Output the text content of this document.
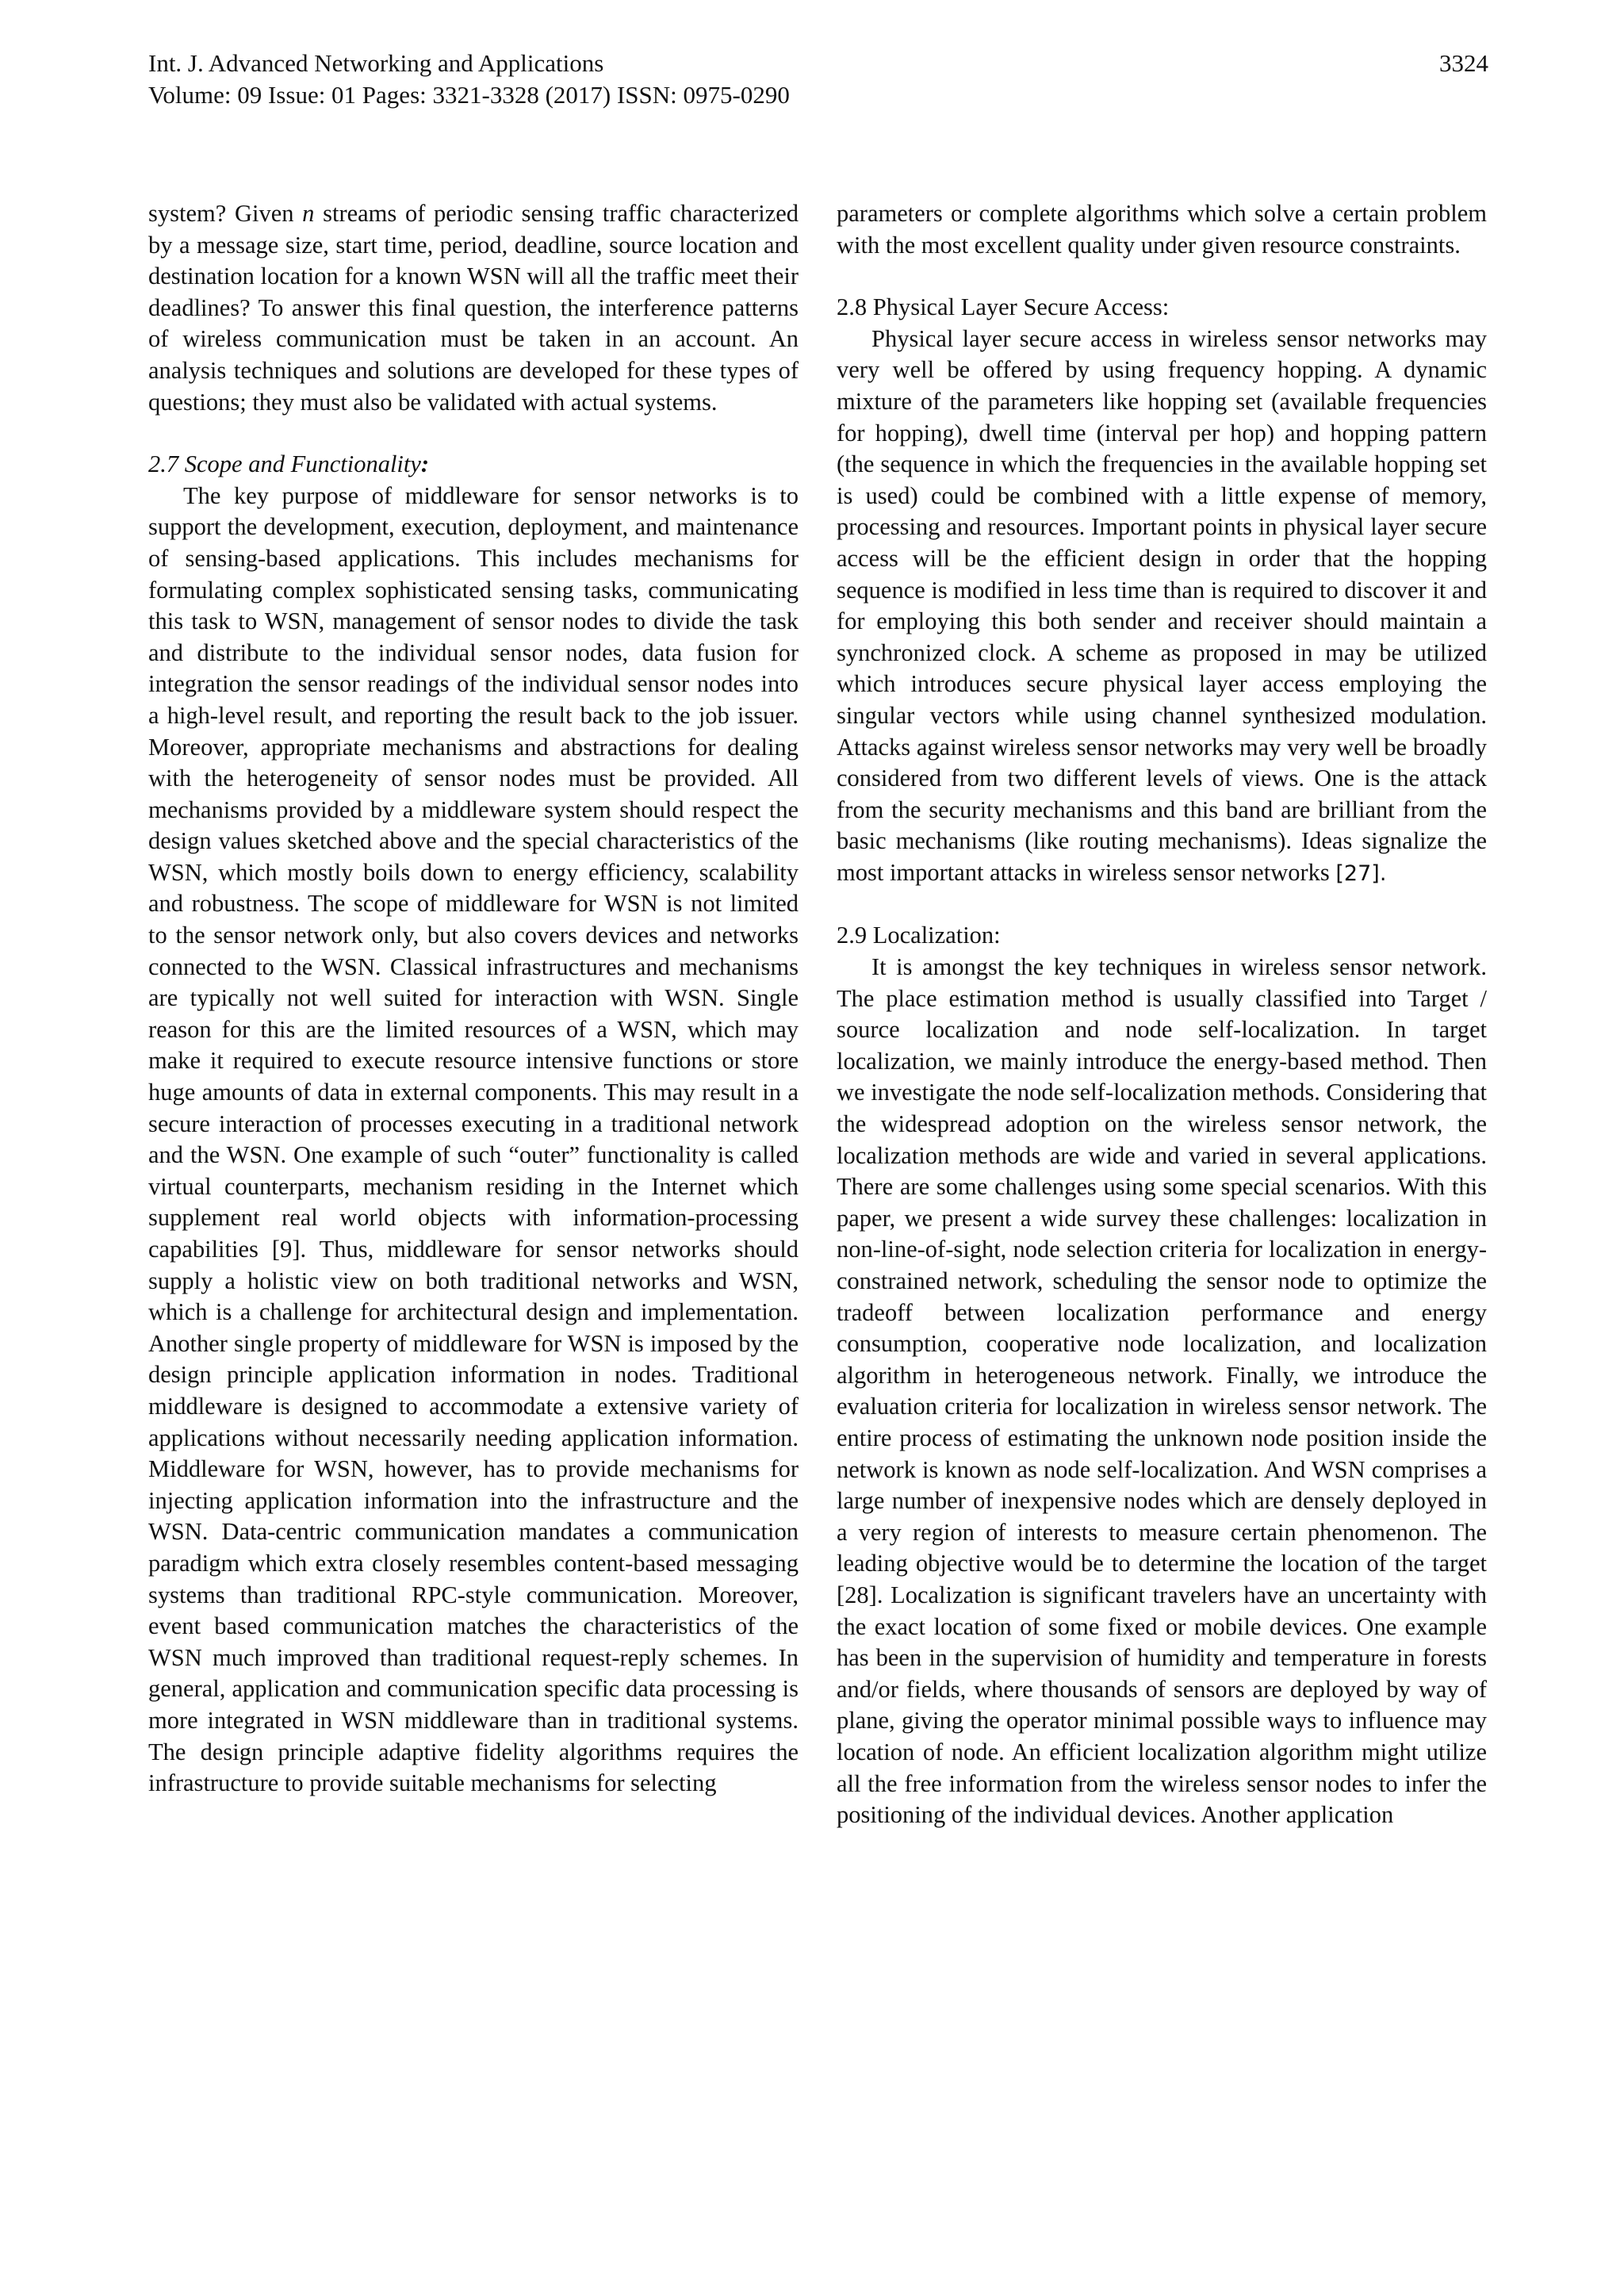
Int. J. Advanced Networking and Applications
Volume: 09 Issue: 01 Pages: 3321-3328 (2017) ISSN: 0975-0290
3324

system? Given n streams of periodic sensing traffic characterized by a message size, start time, period, deadline, source location and destination location for a known WSN will all the traffic meet their deadlines? To answer this final question, the interference patterns of wireless communication must be taken in an account. An analysis techniques and solutions are developed for these types of questions; they must also be validated with actual systems.

2.7 Scope and Functionality:

The key purpose of middleware for sensor networks is to support the development, execution, deployment, and maintenance of sensing-based applications. This includes mechanisms for formulating complex sophisticated sensing tasks, communicating this task to WSN, management of sensor nodes to divide the task and distribute to the individual sensor nodes, data fusion for integration the sensor readings of the individual sensor nodes into a high-level result, and reporting the result back to the job issuer. Moreover, appropriate mechanisms and abstractions for dealing with the heterogeneity of sensor nodes must be provided. All mechanisms provided by a middleware system should respect the design values sketched above and the special characteristics of the WSN, which mostly boils down to energy efficiency, scalability and robustness. The scope of middleware for WSN is not limited to the sensor network only, but also covers devices and networks connected to the WSN. Classical infrastructures and mechanisms are typically not well suited for interaction with WSN. Single reason for this are the limited resources of a WSN, which may make it required to execute resource intensive functions or store huge amounts of data in external components. This may result in a secure interaction of processes executing in a traditional network and the WSN. One example of such “outer” functionality is called virtual counterparts, mechanism residing in the Internet which supplement real world objects with information-processing capabilities [9]. Thus, middleware for sensor networks should supply a holistic view on both traditional networks and WSN, which is a challenge for architectural design and implementation. Another single property of middleware for WSN is imposed by the design principle application information in nodes. Traditional middleware is designed to accommodate a extensive variety of applications without necessarily needing application information. Middleware for WSN, however, has to provide mechanisms for injecting application information into the infrastructure and the WSN. Data-centric communication mandates a communication paradigm which extra closely resembles content-based messaging systems than traditional RPC-style communication. Moreover, event based communication matches the characteristics of the WSN much improved than traditional request-reply schemes. In general, application and communication specific data processing is more integrated in WSN middleware than in traditional systems. The design principle adaptive fidelity algorithms requires the infrastructure to provide suitable mechanisms for selecting

parameters or complete algorithms which solve a certain problem with the most excellent quality under given resource constraints.

2.8 Physical Layer Secure Access:

Physical layer secure access in wireless sensor networks may very well be offered by using frequency hopping. A dynamic mixture of the parameters like hopping set (available frequencies for hopping), dwell time (interval per hop) and hopping pattern (the sequence in which the frequencies in the available hopping set is used) could be combined with a little expense of memory, processing and resources. Important points in physical layer secure access will be the efficient design in order that the hopping sequence is modified in less time than is required to discover it and for employing this both sender and receiver should maintain a synchronized clock. A scheme as proposed in may be utilized which introduces secure physical layer access employing the singular vectors while using channel synthesized modulation. Attacks against wireless sensor networks may very well be broadly considered from two different levels of views. One is the attack from the security mechanisms and this band are brilliant from the basic mechanisms (like routing mechanisms). Ideas signalize the most important attacks in wireless sensor networks [27].

2.9 Localization:

It is amongst the key techniques in wireless sensor network. The place estimation method is usually classified into Target / source localization and node self-localization. In target localization, we mainly introduce the energy-based method. Then we investigate the node self-localization methods. Considering that the widespread adoption on the wireless sensor network, the localization methods are wide and varied in several applications. There are some challenges using some special scenarios. With this paper, we present a wide survey these challenges: localization in non-line-of-sight, node selection criteria for localization in energy-constrained network, scheduling the sensor node to optimize the tradeoff between localization performance and energy consumption, cooperative node localization, and localization algorithm in heterogeneous network. Finally, we introduce the evaluation criteria for localization in wireless sensor network. The entire process of estimating the unknown node position inside the network is known as node self-localization. And WSN comprises a large number of inexpensive nodes which are densely deployed in a very region of interests to measure certain phenomenon. The leading objective would be to determine the location of the target [28]. Localization is significant travelers have an uncertainty with the exact location of some fixed or mobile devices. One example has been in the supervision of humidity and temperature in forests and/or fields, where thousands of sensors are deployed by way of plane, giving the operator minimal possible ways to influence may location of node. An efficient localization algorithm might utilize all the free information from the wireless sensor nodes to infer the positioning of the individual devices. Another application
